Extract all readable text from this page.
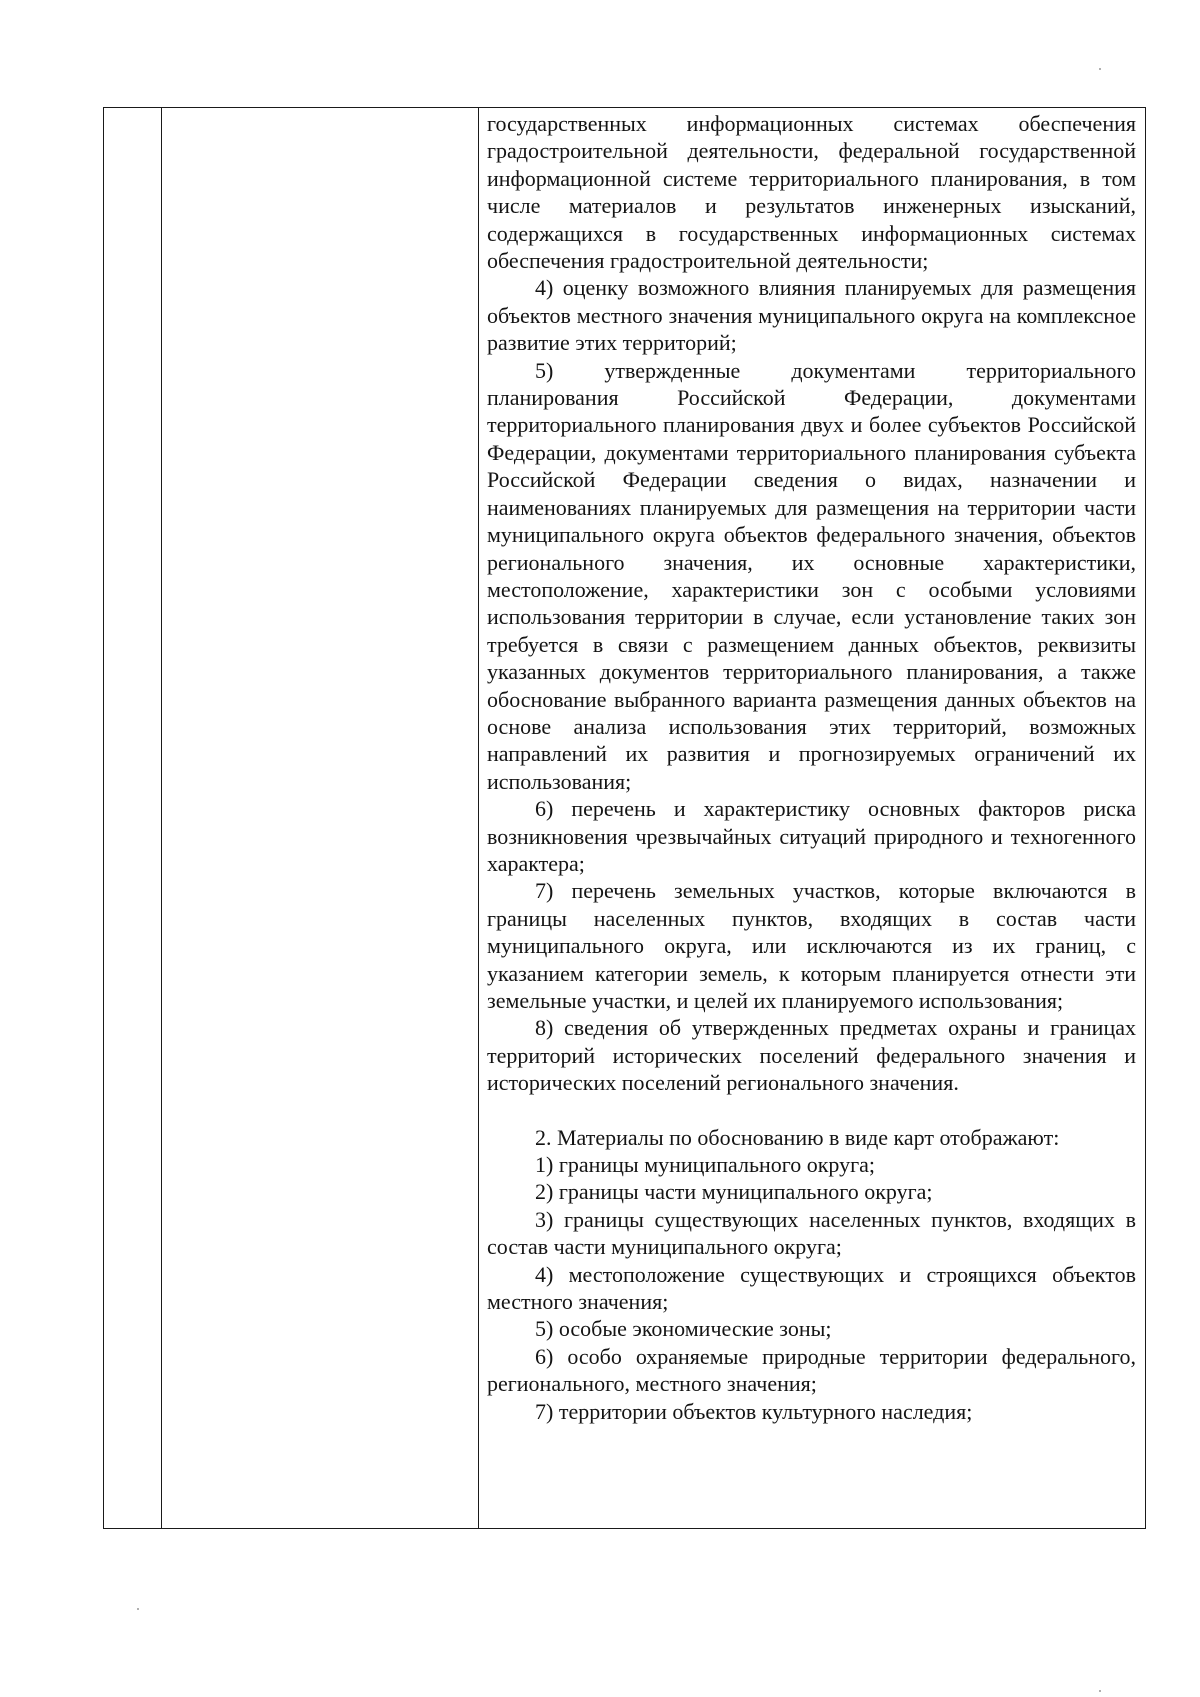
государственных информационных системах обеспечения градостроительной деятельности, федеральной государственной информационной системе территориального планирования, в том числе материалов и результатов инженерных изысканий, содержащихся в государственных информационных системах обеспечения градостроительной деятельности;

4) оценку возможного влияния планируемых для размещения объектов местного значения муниципального округа на комплексное развитие этих территорий;

5) утвержденные документами территориального планирования Российской Федерации, документами территориального планирования двух и более субъектов Российской Федерации, документами территориального планирования субъекта Российской Федерации сведения о видах, назначении и наименованиях планируемых для размещения на территории части муниципального округа объектов федерального значения, объектов регионального значения, их основные характеристики, местоположение, характеристики зон с особыми условиями использования территории в случае, если установление таких зон требуется в связи с размещением данных объектов, реквизиты указанных документов территориального планирования, а также обоснование выбранного варианта размещения данных объектов на основе анализа использования этих территорий, возможных направлений их развития и прогнозируемых ограничений их использования;

6) перечень и характеристику основных факторов риска возникновения чрезвычайных ситуаций природного и техногенного характера;

7) перечень земельных участков, которые включаются в границы населенных пунктов, входящих в состав части муниципального округа, или исключаются из их границ, с указанием категории земель, к которым планируется отнести эти земельные участки, и целей их планируемого использования;

8) сведения об утвержденных предметах охраны и границах территорий исторических поселений федерального значения и исторических поселений регионального значения.

2. Материалы по обоснованию в виде карт отображают:

1) границы муниципального округа;

2) границы части муниципального округа;

3) границы существующих населенных пунктов, входящих в состав части муниципального округа;

4) местоположение существующих и строящихся объектов местного значения;

5) особые экономические зоны;

6) особо охраняемые природные территории федерального, регионального, местного значения;

7) территории объектов культурного наследия;
